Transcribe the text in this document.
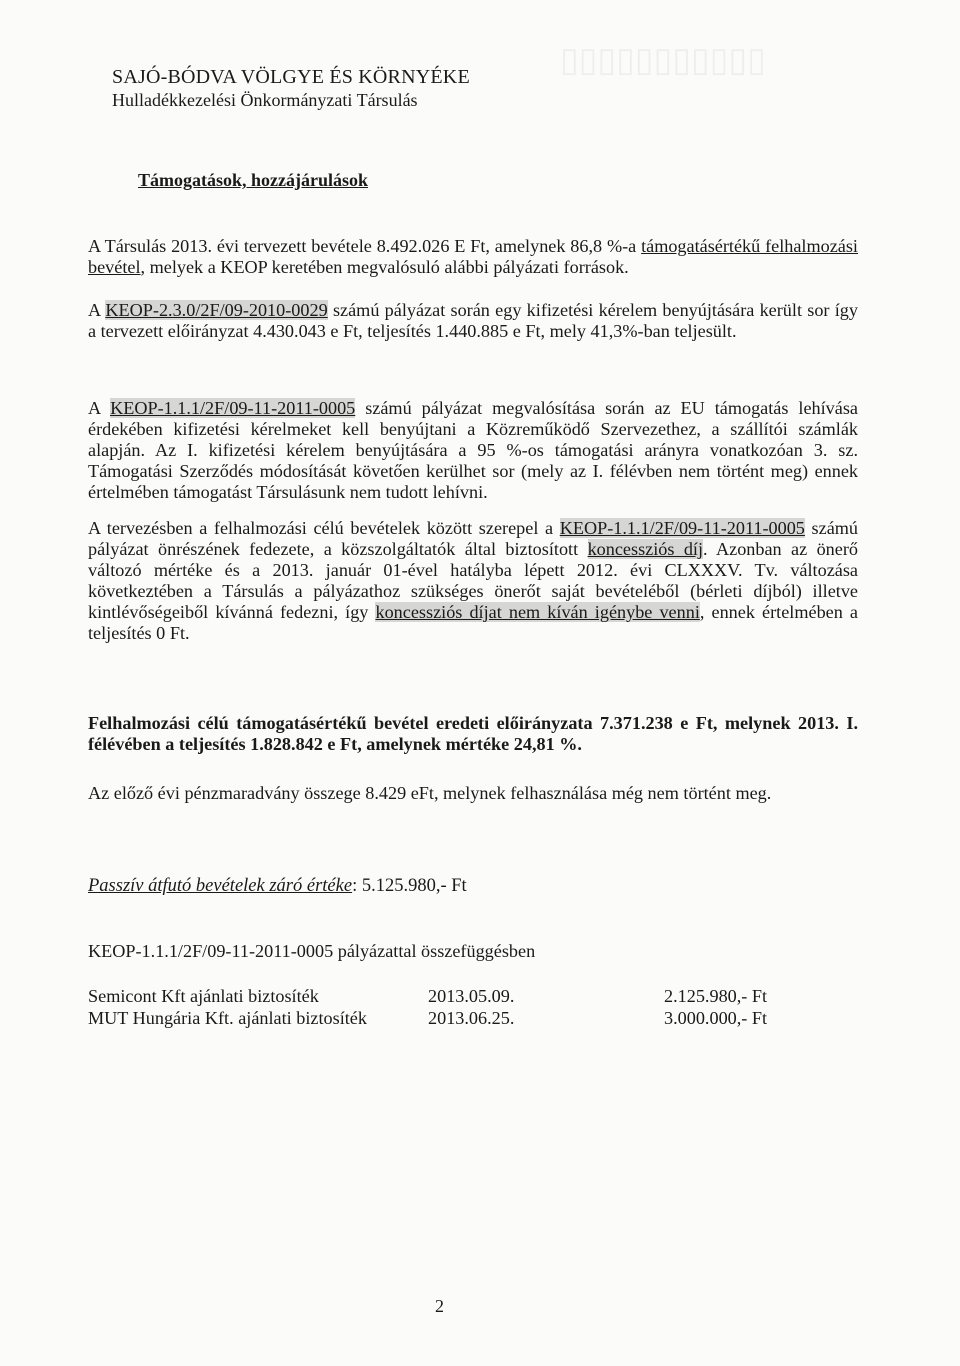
▯▯▯▯▯▯▯▯▯▯▯
SAJÓ-BÓDVA VÖLGYE ÉS KÖRNYÉKE
Hulladékkezelési Önkormányzati Társulás
Támogatások, hozzájárulások
A Társulás 2013. évi tervezett bevétele 8.492.026 E Ft, amelynek 86,8 %-a támogatásértékű felhalmozási bevétel, melyek a KEOP keretében megvalósuló alábbi pályázati források.
A KEOP-2.3.0/2F/09-2010-0029 számú pályázat során egy kifizetési kérelem benyújtására került sor így a tervezett előirányzat 4.430.043 e Ft, teljesítés 1.440.885 e Ft, mely 41,3%-ban teljesült.
A KEOP-1.1.1/2F/09-11-2011-0005 számú pályázat megvalósítása során az EU támogatás lehívása érdekében kifizetési kérelmeket kell benyújtani a Közreműködő Szervezethez, a szállítói számlák alapján. Az I. kifizetési kérelem benyújtására a 95 %-os támogatási arányra vonatkozóan 3. sz. Támogatási Szerződés módosítását követően kerülhet sor (mely az I. félévben nem történt meg) ennek értelmében támogatást Társulásunk nem tudott lehívni.
A tervezésben a felhalmozási célú bevételek között szerepel a KEOP-1.1.1/2F/09-11-2011-0005 számú pályázat önrészének fedezete, a közszolgáltatók által biztosított koncessziós díj. Azonban az önerő változó mértéke és a 2013. január 01-ével hatályba lépett 2012. évi CLXXXV. Tv. változása következtében a Társulás a pályázathoz szükséges önerőt saját bevételéből (bérleti díjból) illetve kintlévőségeiből kívánná fedezni, így koncessziós díjat nem kíván igénybe venni, ennek értelmében a teljesítés 0 Ft.
Felhalmozási célú támogatásértékű bevétel eredeti előirányzata 7.371.238 e Ft, melynek 2013. I. félévében a teljesítés 1.828.842 e Ft, amelynek mértéke 24,81 %.
Az előző évi pénzmaradvány összege 8.429 eFt, melynek felhasználása még nem történt meg.
Passzív átfutó bevételek záró értéke: 5.125.980,- Ft
KEOP-1.1.1/2F/09-11-2011-0005 pályázattal összefüggésben
Semicont Kft ajánlati biztosíték	2013.05.09.	2.125.980,- Ft
MUT Hungária Kft. ajánlati biztosíték	2013.06.25.	3.000.000,- Ft
2
